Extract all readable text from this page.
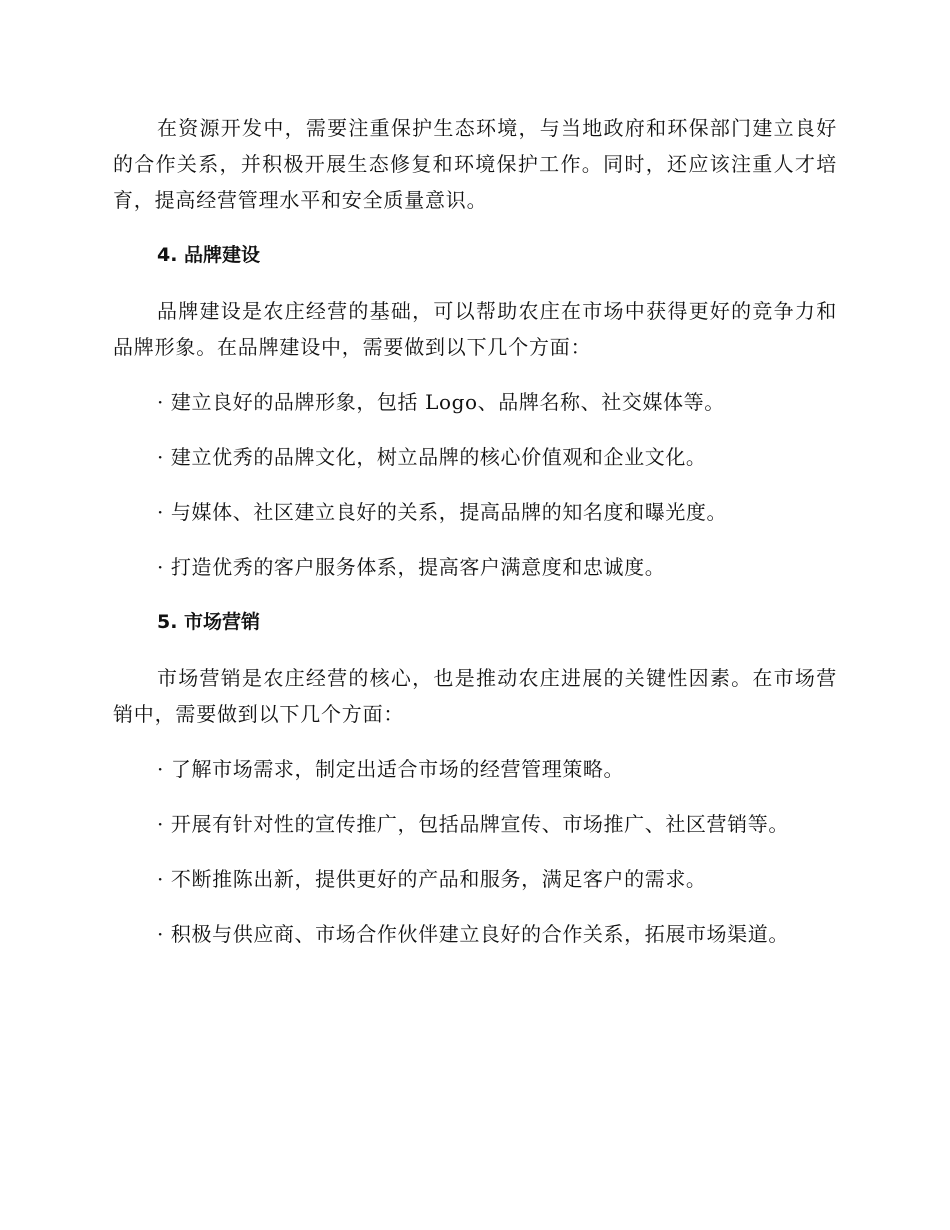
在资源开发中，需要注重保护生态环境，与当地政府和环保部门建立良好的合作关系，并积极开展生态修复和环境保护工作。同时，还应该注重人才培育，提高经营管理水平和安全质量意识。

4. 品牌建设

品牌建设是农庄经营的基础，可以帮助农庄在市场中获得更好的竞争力和品牌形象。在品牌建设中，需要做到以下几个方面：

· 建立良好的品牌形象，包括 Logo、品牌名称、社交媒体等。

· 建立优秀的品牌文化，树立品牌的核心价值观和企业文化。

· 与媒体、社区建立良好的关系，提高品牌的知名度和曝光度。

· 打造优秀的客户服务体系，提高客户满意度和忠诚度。

5. 市场营销

市场营销是农庄经营的核心，也是推动农庄进展的关键性因素。在市场营销中，需要做到以下几个方面：

· 了解市场需求，制定出适合市场的经营管理策略。

· 开展有针对性的宣传推广，包括品牌宣传、市场推广、社区营销等。

· 不断推陈出新，提供更好的产品和服务，满足客户的需求。

· 积极与供应商、市场合作伙伴建立良好的合作关系，拓展市场渠道。
